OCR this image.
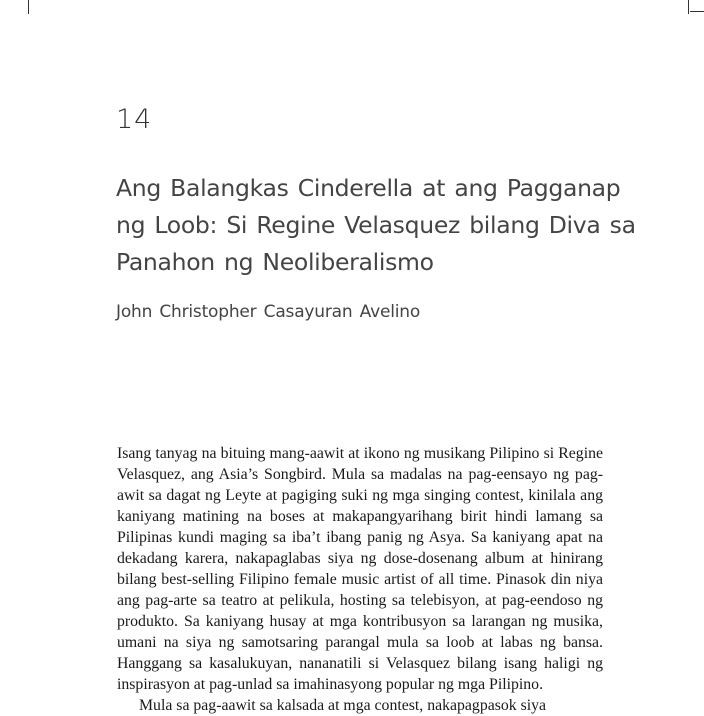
14
Ang Balangkas Cinderella at ang Pagganap
ng Loob: Si Regine Velasquez bilang Diva sa
Panahon ng Neoliberalismo
John Christopher Casayuran Avelino
Isang tanyag na bituing mang-aawit at ikono ng musikang Pilipino si Regine
Velasquez, ang Asia’s Songbird. Mula sa madalas na pag-eensayo ng pag-
awit sa dagat ng Leyte at pagiging suki ng mga singing contest, kinilala ang
kaniyang matining na boses at makapangyarihang birit hindi lamang sa
Pilipinas kundi maging sa iba’t ibang panig ng Asya. Sa kaniyang apat na
dekadang karera, nakapaglabas siya ng dose-dosenang album at hinirang
bilang best-selling Filipino female music artist of all time. Pinasok din niya
ang pag-arte sa teatro at pelikula, hosting sa telebisyon, at pag-eendoso ng
produkto. Sa kaniyang husay at mga kontribusyon sa larangan ng musika,
umani na siya ng samotsaring parangal mula sa loob at labas ng bansa.
Hanggang sa kasalukuyan, nananatili si Velasquez bilang isang haligi ng
inspirasyon at pag-unlad sa imahinasyong popular ng mga Pilipino.
Mula sa pag-aawit sa kalsada at mga contest, nakapagpasok siya
